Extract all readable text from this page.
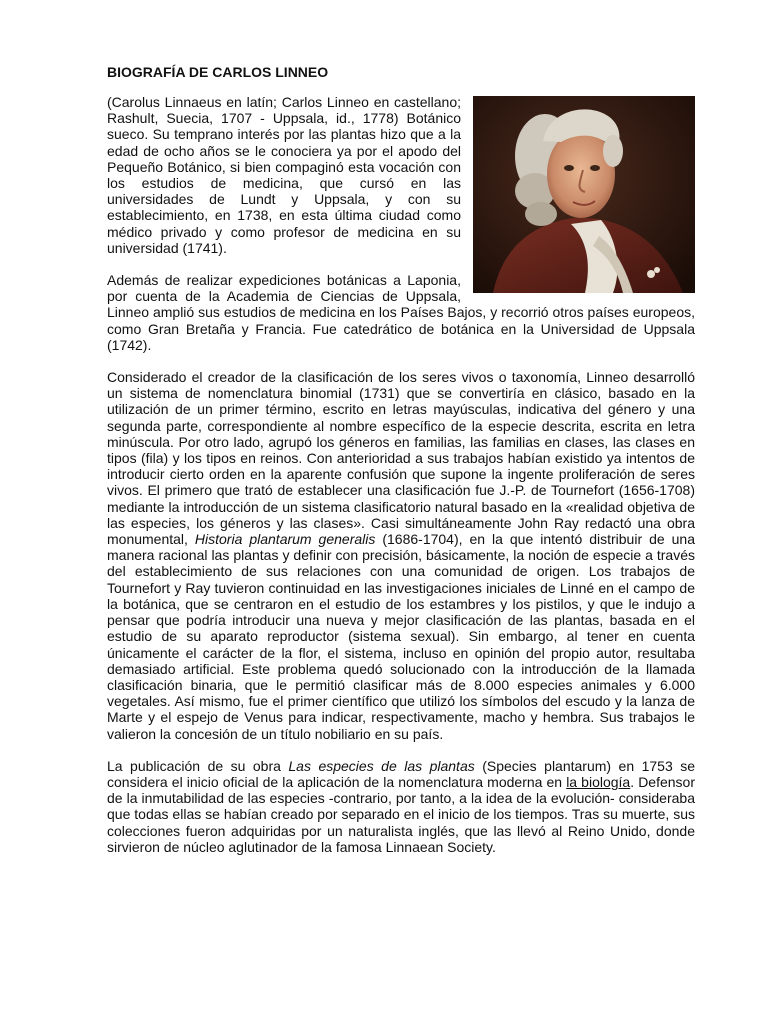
BIOGRAFÍA DE CARLOS LINNEO

(Carolus Linnaeus en latín; Carlos Linneo en castellano; Rashult, Suecia, 1707 - Uppsala, id., 1778) Botánico sueco. Su temprano interés por las plantas hizo que a la edad de ocho años se le conociera ya por el apodo del Pequeño Botánico, si bien compaginó esta vocación con los estudios de medicina, que cursó en las universidades de Lundt y Uppsala, y con su establecimiento, en 1738, en esta última ciudad como médico privado y como profesor de medicina en su universidad (1741).

Además de realizar expediciones botánicas a Laponia, por cuenta de la Academia de Ciencias de Uppsala, Linneo amplió sus estudios de medicina en los Países Bajos, y recorrió otros países europeos, como Gran Bretaña y Francia. Fue catedrático de botánica en la Universidad de Uppsala (1742).

Considerado el creador de la clasificación de los seres vivos o taxonomía, Linneo desarrolló un sistema de nomenclatura binomial (1731) que se convertiría en clásico, basado en la utilización de un primer término, escrito en letras mayúsculas, indicativa del género y una segunda parte, correspondiente al nombre específico de la especie descrita, escrita en letra minúscula. Por otro lado, agrupó los géneros en familias, las familias en clases, las clases en tipos (fila) y los tipos en reinos. Con anterioridad a sus trabajos habían existido ya intentos de introducir cierto orden en la aparente confusión que supone la ingente proliferación de seres vivos. El primero que trató de establecer una clasificación fue J.-P. de Tournefort (1656-1708) mediante la introducción de un sistema clasificatorio natural basado en la «realidad objetiva de las especies, los géneros y las clases». Casi simultáneamente John Ray redactó una obra monumental, Historia plantarum generalis (1686-1704), en la que intentó distribuir de una manera racional las plantas y definir con precisión, básicamente, la noción de especie a través del establecimiento de sus relaciones con una comunidad de origen. Los trabajos de Tournefort y Ray tuvieron continuidad en las investigaciones iniciales de Linné en el campo de la botánica, que se centraron en el estudio de los estambres y los pistilos, y que le indujo a pensar que podría introducir una nueva y mejor clasificación de las plantas, basada en el estudio de su aparato reproductor (sistema sexual). Sin embargo, al tener en cuenta únicamente el carácter de la flor, el sistema, incluso en opinión del propio autor, resultaba demasiado artificial. Este problema quedó solucionado con la introducción de la llamada clasificación binaria, que le permitió clasificar más de 8.000 especies animales y 6.000 vegetales. Así mismo, fue el primer científico que utilizó los símbolos del escudo y la lanza de Marte y el espejo de Venus para indicar, respectivamente, macho y hembra. Sus trabajos le valieron la concesión de un título nobiliario en su país.

La publicación de su obra Las especies de las plantas (Species plantarum) en 1753 se considera el inicio oficial de la aplicación de la nomenclatura moderna en la biología. Defensor de la inmutabilidad de las especies -contrario, por tanto, a la idea de la evolución- consideraba que todas ellas se habían creado por separado en el inicio de los tiempos. Tras su muerte, sus colecciones fueron adquiridas por un naturalista inglés, que las llevó al Reino Unido, donde sirvieron de núcleo aglutinador de la famosa Linnaean Society.
